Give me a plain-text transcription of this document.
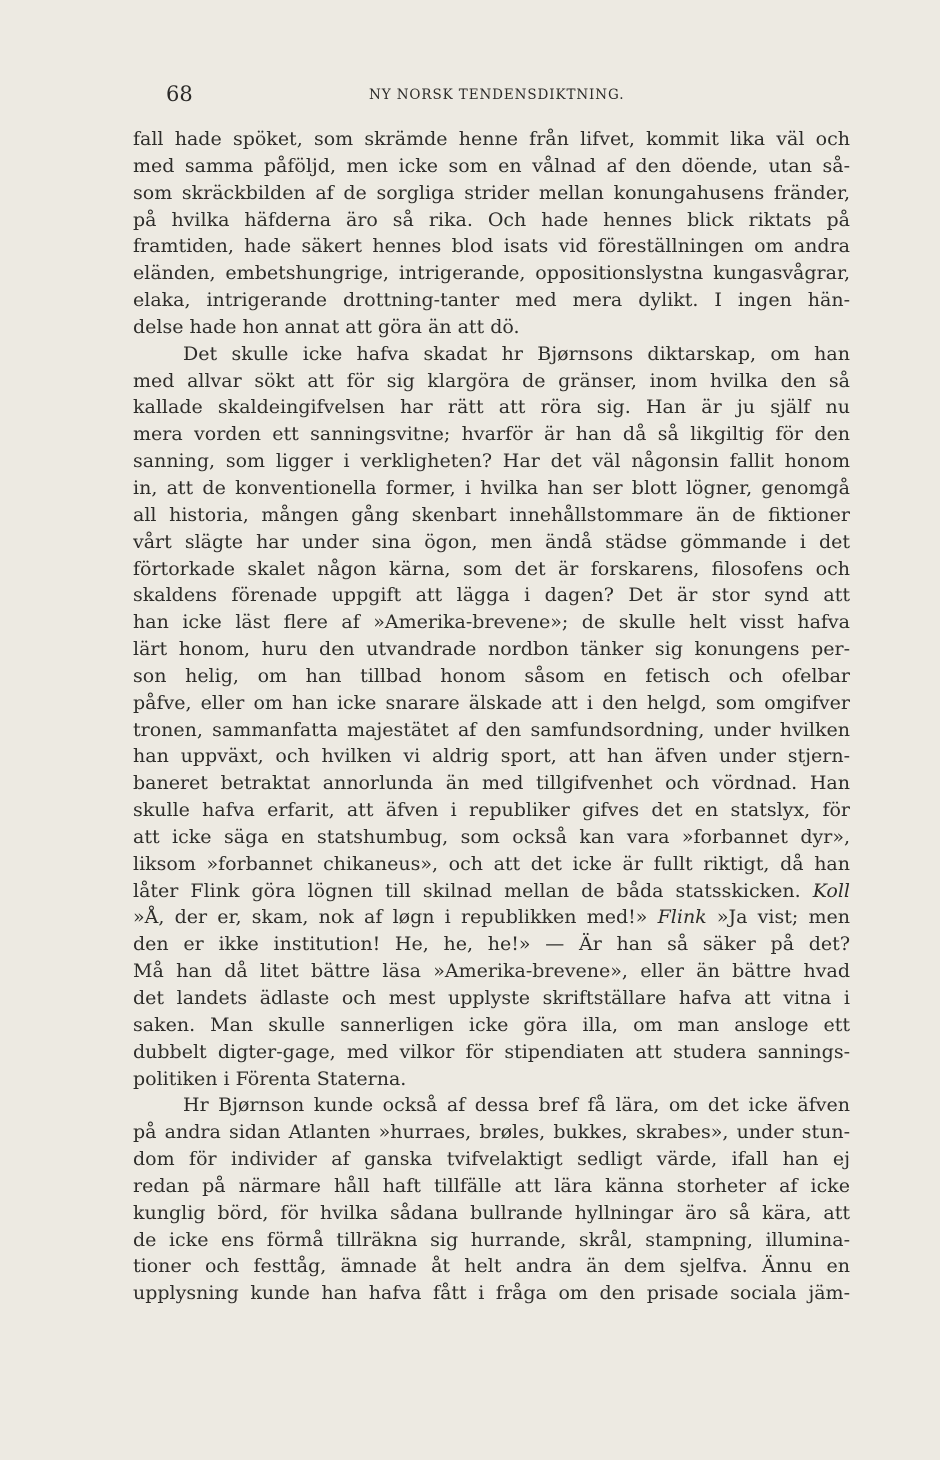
68	NY NORSK TENDENSDIKTNING.
fall hade spöket, som skrämde henne från lifvet, kommit lika väl och
med samma påföljd, men icke som en vålnad af den döende, utan så-
som skräckbilden af de sorgliga strider mellan konungahusens fränder,
på hvilka häfderna äro så rika. Och hade hennes blick riktats på
framtiden, hade säkert hennes blod isats vid föreställningen om andra
eländen, embetshungrige, intrigerande, oppositionslystna kungasvågrar,
elaka, intrigerande drottning-tanter med mera dylikt. I ingen hän-
delse hade hon annat att göra än att dö.
Det skulle icke hafva skadat hr Bjørnsons diktarskap, om han
med allvar sökt att för sig klargöra de gränser, inom hvilka den så
kallade skaldeingifvelsen har rätt att röra sig. Han är ju själf nu
mera vorden ett sanningsvitne; hvarför är han då så likgiltig för den
sanning, som ligger i verkligheten? Har det väl någonsin fallit honom
in, att de konventionella former, i hvilka han ser blott lögner, genomgå
all historia, mången gång skenbart innehållstommare än de fiktioner
vårt slägte har under sina ögon, men ändå städse gömmande i det
förtorkade skalet någon kärna, som det är forskarens, filosofens och
skaldens förenade uppgift att lägga i dagen? Det är stor synd att
han icke läst flere af »Amerika-brevene»; de skulle helt visst hafva
lärt honom, huru den utvandrade nordbon tänker sig konungens per-
son helig, om han tillbad honom såsom en fetisch och ofelbar
påfve, eller om han icke snarare älskade att i den helgd, som omgifver
tronen, sammanfatta majestätet af den samfundsordning, under hvilken
han uppväxt, och hvilken vi aldrig sport, att han äfven under stjern-
baneret betraktat annorlunda än med tillgifvenhet och vördnad. Han
skulle hafva erfarit, att äfven i republiker gifves det en statslyx, för
att icke säga en statshumbug, som också kan vara »forbannet dyr»,
liksom »forbannet chikaneus», och att det icke är fullt riktigt, då han
låter Flink göra lögnen till skilnad mellan de båda statsskicken. Koll
»Å, der er, skam, nok af løgn i republikken med!» Flink »Ja vist; men
den er ikke institution! He, he, he!» — Är han så säker på det?
Må han då litet bättre läsa »Amerika-brevene», eller än bättre hvad
det landets ädlaste och mest upplyste skriftställare hafva att vitna i
saken. Man skulle sannerligen icke göra illa, om man ansloge ett
dubbelt digter-gage, med vilkor för stipendiaten att studera sannings-
politiken i Förenta Staterna.
Hr Bjørnson kunde också af dessa bref få lära, om det icke äfven
på andra sidan Atlanten »hurraes, brøles, bukkes, skrabes», under stun-
dom för individer af ganska tvifvelaktigt sedligt värde, ifall han ej
redan på närmare håll haft tillfälle att lära känna storheter af icke
kunglig börd, för hvilka sådana bullrande hyllningar äro så kära, att
de icke ens förmå tillräkna sig hurrande, skrål, stampning, illumina-
tioner och festtåg, ämnade åt helt andra än dem sjelfva. Ännu en
upplysning kunde han hafva fått i fråga om den prisade sociala jäm-
